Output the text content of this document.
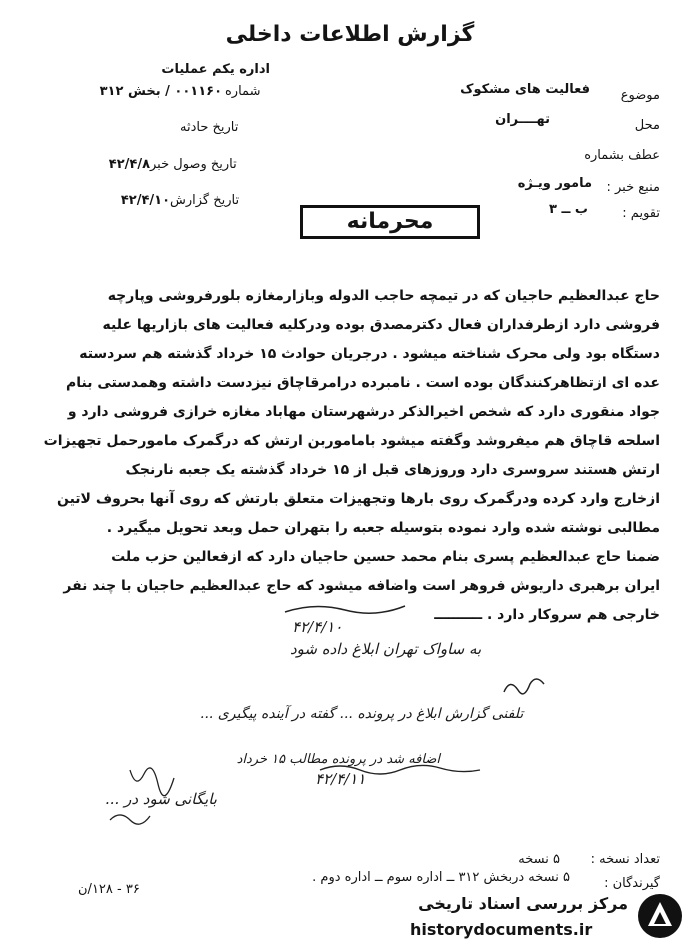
گزارش اطلاعات داخلی
اداره یکم عملیات
شماره
۰۰۱۱۶۰ / بخش ۳۱۲
تاریخ حادثه
تاریخ وصول خبر
۴۲/۴/۸
تاریخ گزارش
۴۲/۴/۱۰
موضوع
فعالیت های مشکوک
محل
تهــــران
عطف بشماره
منبع خبر :
مامور ویـژه
تقویم :
ب ــ ۳
محرمانه
حاج عبدالعظیم حاجیان که در تیمچه حاجب الدوله وبازارمغازه بلورفروشی وپارچه
فروشی دارد ازطرفداران فعال دکترمصدق بوده ودرکلیه فعالیت های بازاریها علیه
دستگاه بود ولی محرک شناخته میشود . درجریان حوادث ۱۵ خرداد گذشته هم سردسته
عده ای ازتظاهرکنندگان بوده است . نامبرده درامرقاچاق نیزدست داشته وهمدستی بنام
جواد منقوری دارد که شخص اخیرالذکر درشهرستان مهاباد مغازه خرازی فروشی دارد و
اسلحه قاچاق هم میفروشد وگفته میشود باماموربن ارتش که درگمرک مامورحمل تجهیزات
ارتش هستند سروسری دارد وروزهای قبل از ۱۵ خرداد گذشته یک جعبه نارنجک
ازخارج وارد کرده ودرگمرک روی بارها وتجهیزات متعلق بارتش که روی آنها بحروف لاتین
مطالبی نوشته شده وارد نموده بتوسیله جعبه را بتهران حمل وبعد تحویل میگیرد .
ضمنا حاج عبدالعظیم پسری بنام محمد حسین حاجیان دارد که ازفعالین حزب ملت
ایران برهبری داریوش فروهر است واضافه میشود که حاج عبدالعظیم حاجیان با چند نفر
خارجی هم سروکار دارد . ــــــــــ
۴۲/۴/۱۰
به ساواک تهران ابلاغ داده شود
تلفنی گزارش ابلاغ در پرونده ... گفته در آینده پیگیری ...
۴۲/۴/۱۱
اضافه شد در پرونده مطالب ۱۵ خرداد
بایگانی شود در ...
تعداد نسخه :
۵ نسخه
گیرندگان :
۵ نسخه دربخش ۳۱۲ ــ اداره سوم ــ اداره دوم .
۳۶ - ۱۲۸/ن
مرکز بررسی اسناد تاریخی
historydocuments.ir
